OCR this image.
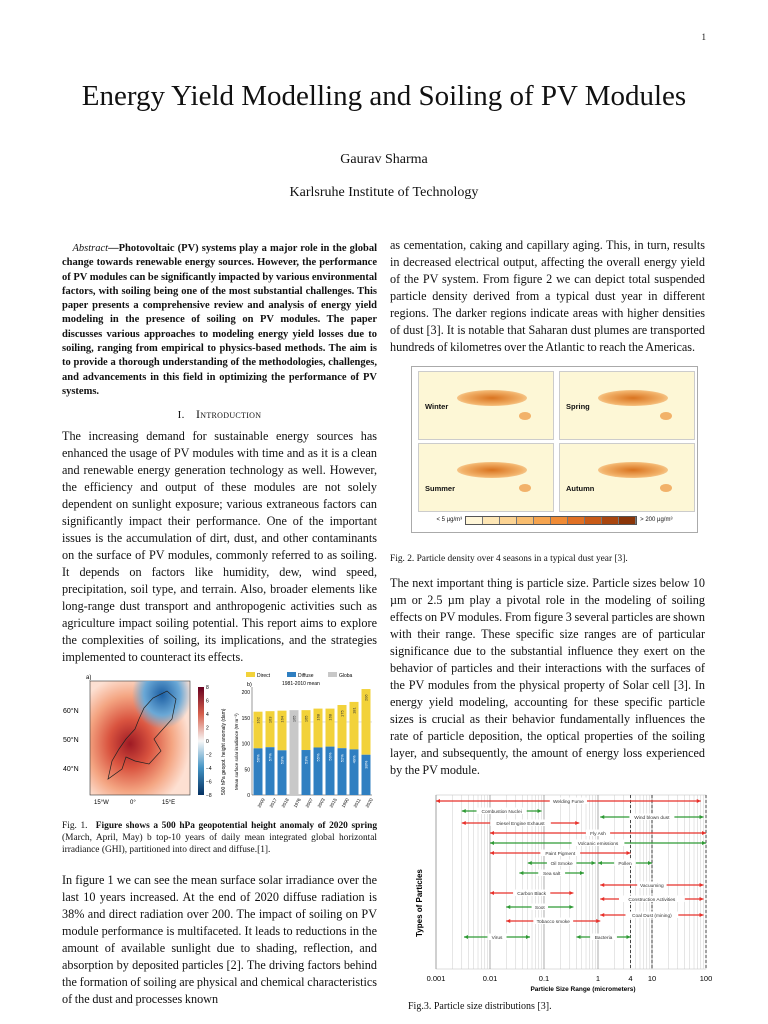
1
Energy Yield Modelling and Soiling of PV Modules
Gaurav Sharma
Karlsruhe Institute of Technology
 Abstract—Photovoltaic (PV) systems play a major role in the global change towards renewable energy sources. However, the performance of PV modules can be significantly impacted by various environmental factors, with soiling being one of the most substantial challenges. This paper presents a comprehensive review and analysis of energy yield modeling in the presence of soiling on PV modules. The paper discusses various approaches to modeling energy yield losses due to soiling, ranging from empirical to physics-based methods. The aim is to provide a thorough understanding of the methodologies, challenges, and advancements in this field in optimizing the performance of PV systems.
I.  Introduction
The increasing demand for sustainable energy sources has enhanced the usage of PV modules with time and as it is a clean and renewable energy generation technology as well. However, the efficiency and output of these modules are not solely dependent on sunlight exposure; various extraneous factors can significantly impact their performance. One of the important issues is the accumulation of dirt, dust, and other contaminants on the surface of PV modules, commonly referred to as soiling. It depends on factors like humidity, dew, wind speed, precipitation, soil type, and terrain. Also, broader elements like long-range dust transport and anthropogenic activities such as agriculture impact soiling potential. This report aims to explore the complexities of soiling, its implications, and the strategies implemented to counteract its effects.
a)
60°N
50°N
40°N
15°W	0°	15°E
8
6
4
2
0
−2
−4
−6
−8
500 hPa geopot. height anomaly (dam)
b)
0
50
100
150
200
Mean surface solar irradiance (W m⁻²)
Direct	Diffuse	Globa
1981-2010 mean
56%
162
2009
57%
163
2017
53%
164
2018
165
1976
53%
165
2007
55%
168
2003
56%
168
2015
52%
175
1990
49%
181
2011
38%
206
2020
Fig. 1.  Figure shows a 500 hPa geopotential height anomaly of 2020 spring (March, April, May) b top-10 years of daily mean integrated global horizontal irradiance (GHI), partitioned into direct and diffuse.[1].
In figure 1 we can see the mean surface solar irradiance over the last 10 years increased. At the end of 2020 diffuse radiation is 38% and direct radiation over 200. The impact of soiling on PV module performance is multifaceted. It leads to reductions in the amount of available sunlight due to shading, reflection, and absorption by deposited particles [2]. The driving factors behind the formation of soiling are physical and chemical characteristics of the dust and processes known
as cementation, caking and capillary aging. This, in turn, results in decreased electrical output, affecting the overall energy yield of the PV system. From figure 2 we can depict total suspended particle density derived from a typical dust year in different regions. The darker regions indicate areas with higher densities of dust [3]. It is notable that Saharan dust plumes are transported hundreds of kilometres over the Atlantic to reach the Americas.
Winter	Spring
Summer	Autumn
< 5 µg/m³	> 200 µg/m³
Fig. 2. Particle density over 4 seasons in a typical dust year [3].
The next important thing is particle size. Particle sizes below 10 µm or 2.5 µm play a pivotal role in the modeling of soiling effects on PV modules. From figure 3 several particles are shown with their range. These specific size ranges are of particular significance due to the substantial influence they exert on the behavior of particles and their interactions with the surfaces of the PV modules from the physical property of Solar cell [3]. In energy yield modeling, accounting for these specific particle sizes is crucial as their behavior fundamentally influences the rate of particle deposition, the optical properties of the soiling layer, and subsequently, the amount of energy loss experienced by the PV module.
Types of Particles
Particle Size Range (micrometers)
0.001	0.01	0.1	1	4 10	100
Welding Fume
Combustion Nuclei
Wind blown dust
Diesel Engine Exhaust
Fly Ash
Volcanic emissions
Paint Pigment
Oil Smoke	Pollen
Sea salt
Vacuuming
Carbon Black
Construction Activities
Soot
Coal Dust (mining)
Tobacco smoke
Virus	Bacteria
Fig.3. Particle size distributions [3].
